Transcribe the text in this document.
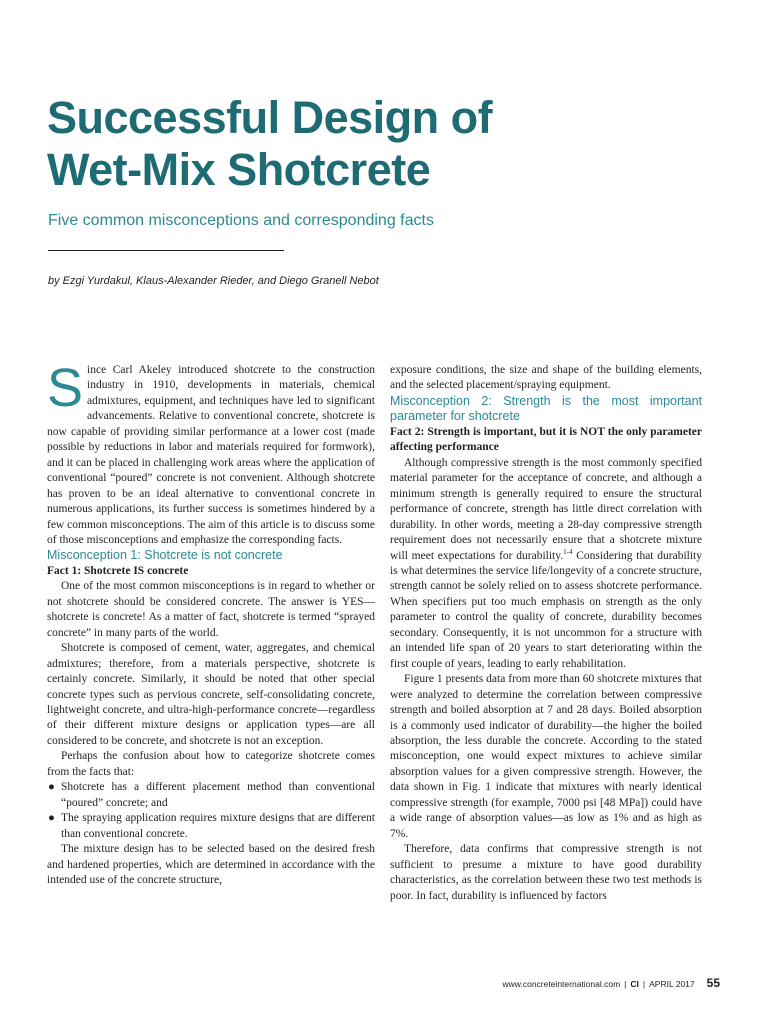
Successful Design of
Wet-Mix Shotcrete

Five common misconceptions and corresponding facts

by Ezgi Yurdakul, Klaus-Alexander Rieder, and Diego Granell Nebot

Since Carl Akeley introduced shotcrete to the construction industry in 1910, developments in materials, chemical admixtures, equipment, and techniques have led to significant advancements. Relative to conventional concrete, shotcrete is now capable of providing similar performance at a lower cost (made possible by reductions in labor and materials required for formwork), and it can be placed in challenging work areas where the application of conventional “poured” concrete is not convenient. Although shotcrete has proven to be an ideal alternative to conventional concrete in numerous applications, its further success is sometimes hindered by a few common misconceptions. The aim of this article is to discuss some of those misconceptions and emphasize the corresponding facts.

Misconception 1: Shotcrete is not concrete

Fact 1: Shotcrete IS concrete

One of the most common misconceptions is in regard to whether or not shotcrete should be considered concrete. The answer is YES—shotcrete is concrete! As a matter of fact, shotcrete is termed “sprayed concrete” in many parts of the world.

Shotcrete is composed of cement, water, aggregates, and chemical admixtures; therefore, from a materials perspective, shotcrete is certainly concrete. Similarly, it should be noted that other special concrete types such as pervious concrete, self-consolidating concrete, lightweight concrete, and ultra-high-performance concrete—regardless of their different mixture designs or application types—are all considered to be concrete, and shotcrete is not an exception.

Perhaps the confusion about how to categorize shotcrete comes from the facts that:

● Shotcrete has a different placement method than conventional “poured” concrete; and
● The spraying application requires mixture designs that are different than conventional concrete.

The mixture design has to be selected based on the desired fresh and hardened properties, which are determined in accordance with the intended use of the concrete structure,

exposure conditions, the size and shape of the building elements, and the selected placement/spraying equipment.

Misconception 2: Strength is the most important parameter for shotcrete

Fact 2: Strength is important, but it is NOT the only parameter affecting performance

Although compressive strength is the most commonly specified material parameter for the acceptance of concrete, and although a minimum strength is generally required to ensure the structural performance of concrete, strength has little direct correlation with durability. In other words, meeting a 28-day compressive strength requirement does not necessarily ensure that a shotcrete mixture will meet expectations for durability.$^{1-4}$ Considering that durability is what determines the service life/longevity of a concrete structure, strength cannot be solely relied on to assess shotcrete performance. When specifiers put too much emphasis on strength as the only parameter to control the quality of concrete, durability becomes secondary. Consequently, it is not uncommon for a structure with an intended life span of 20 years to start deteriorating within the first couple of years, leading to early rehabilitation.

Figure 1 presents data from more than 60 shotcrete mixtures that were analyzed to determine the correlation between compressive strength and boiled absorption at 7 and 28 days. Boiled absorption is a commonly used indicator of durability—the higher the boiled absorption, the less durable the concrete. According to the stated misconception, one would expect mixtures to achieve similar absorption values for a given compressive strength. However, the data shown in Fig. 1 indicate that mixtures with nearly identical compressive strength (for example, 7000 psi [48 MPa]) could have a wide range of absorption values—as low as 1% and as high as 7%.

Therefore, data confirms that compressive strength is not sufficient to presume a mixture to have good durability characteristics, as the correlation between these two test methods is poor. In fact, durability is influenced by factors

www.concreteinternational.com | CI | APRIL 2017 55
